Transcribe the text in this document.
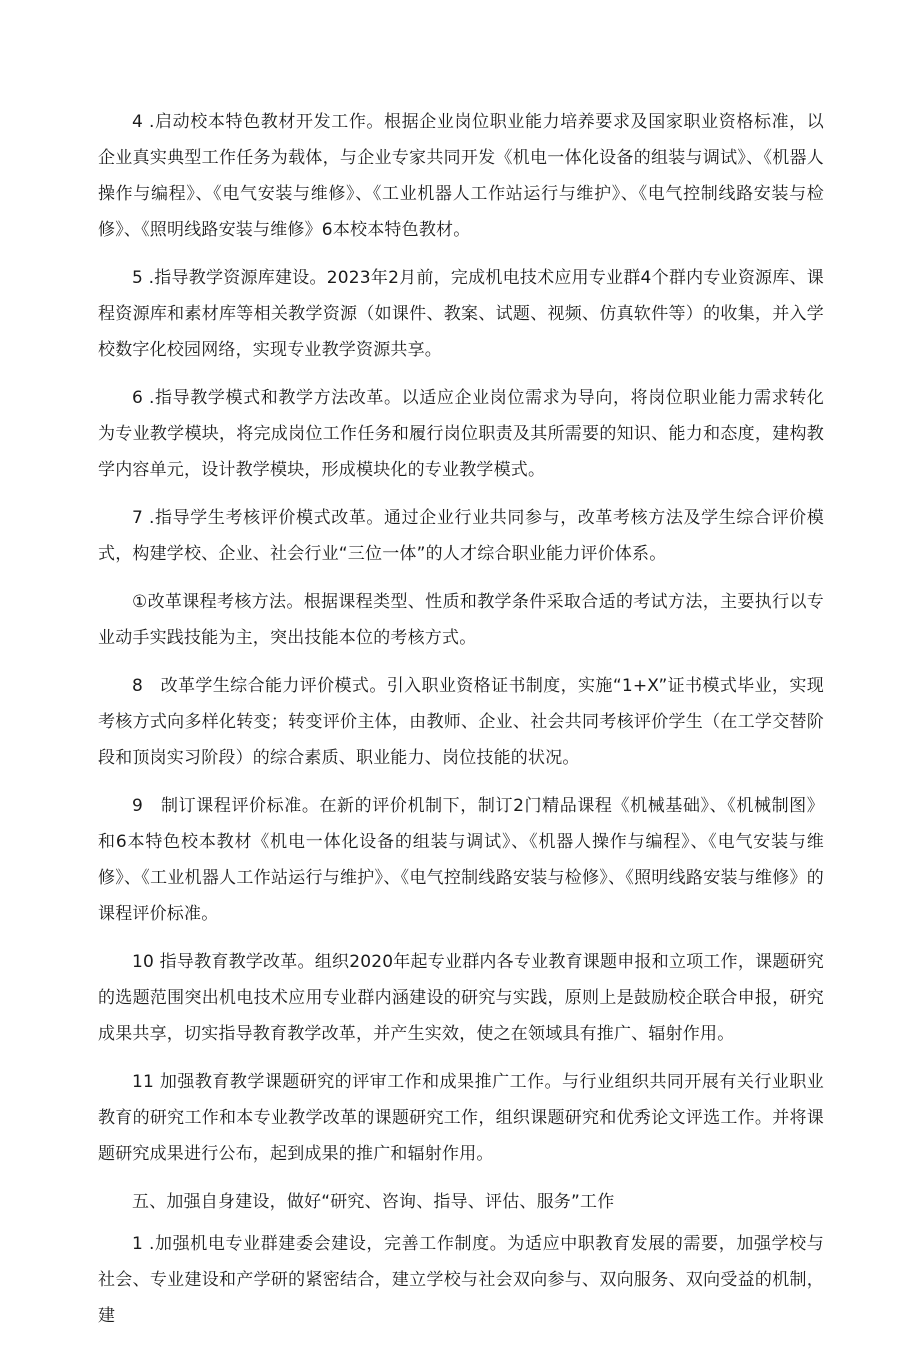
4 .启动校本特色教材开发工作。根据企业岗位职业能力培养要求及国家职业资格标准，以企业真实典型工作任务为载体，与企业专家共同开发《机电一体化设备的组装与调试》、《机器人操作与编程》、《电气安装与维修》、《工业机器人工作站运行与维护》、《电气控制线路安装与检修》、《照明线路安装与维修》6本校本特色教材。

5 .指导教学资源库建设。2023年2月前，完成机电技术应用专业群4个群内专业资源库、课程资源库和素材库等相关教学资源（如课件、教案、试题、视频、仿真软件等）的收集，并入学校数字化校园网络，实现专业教学资源共享。

6 .指导教学模式和教学方法改革。以适应企业岗位需求为导向，将岗位职业能力需求转化为专业教学模块，将完成岗位工作任务和履行岗位职责及其所需要的知识、能力和态度，建构教学内容单元，设计教学模块，形成模块化的专业教学模式。

7 .指导学生考核评价模式改革。通过企业行业共同参与，改革考核方法及学生综合评价模式，构建学校、企业、社会行业“三位一体”的人才综合职业能力评价体系。

①改革课程考核方法。根据课程类型、性质和教学条件采取合适的考试方法，主要执行以专业动手实践技能为主，突出技能本位的考核方式。

8　改革学生综合能力评价模式。引入职业资格证书制度，实施“1+X”证书模式毕业，实现考核方式向多样化转变；转变评价主体，由教师、企业、社会共同考核评价学生（在工学交替阶段和顶岗实习阶段）的综合素质、职业能力、岗位技能的状况。

9　制订课程评价标准。在新的评价机制下，制订2门精品课程《机械基础》、《机械制图》和6本特色校本教材《机电一体化设备的组装与调试》、《机器人操作与编程》、《电气安装与维修》、《工业机器人工作站运行与维护》、《电气控制线路安装与检修》、《照明线路安装与维修》的课程评价标准。

10 指导教育教学改革。组织2020年起专业群内各专业教育课题申报和立项工作，课题研究的选题范围突出机电技术应用专业群内涵建设的研究与实践，原则上是鼓励校企联合申报，研究成果共享，切实指导教育教学改革，并产生实效，使之在领域具有推广、辐射作用。

11 加强教育教学课题研究的评审工作和成果推广工作。与行业组织共同开展有关行业职业教育的研究工作和本专业教学改革的课题研究工作，组织课题研究和优秀论文评选工作。并将课题研究成果进行公布，起到成果的推广和辐射作用。

五、加强自身建设，做好“研究、咨询、指导、评估、服务”工作

1 .加强机电专业群建委会建设，完善工作制度。为适应中职教育发展的需要，加强学校与社会、专业建设和产学研的紧密结合，建立学校与社会双向参与、双向服务、双向受益的机制，建
